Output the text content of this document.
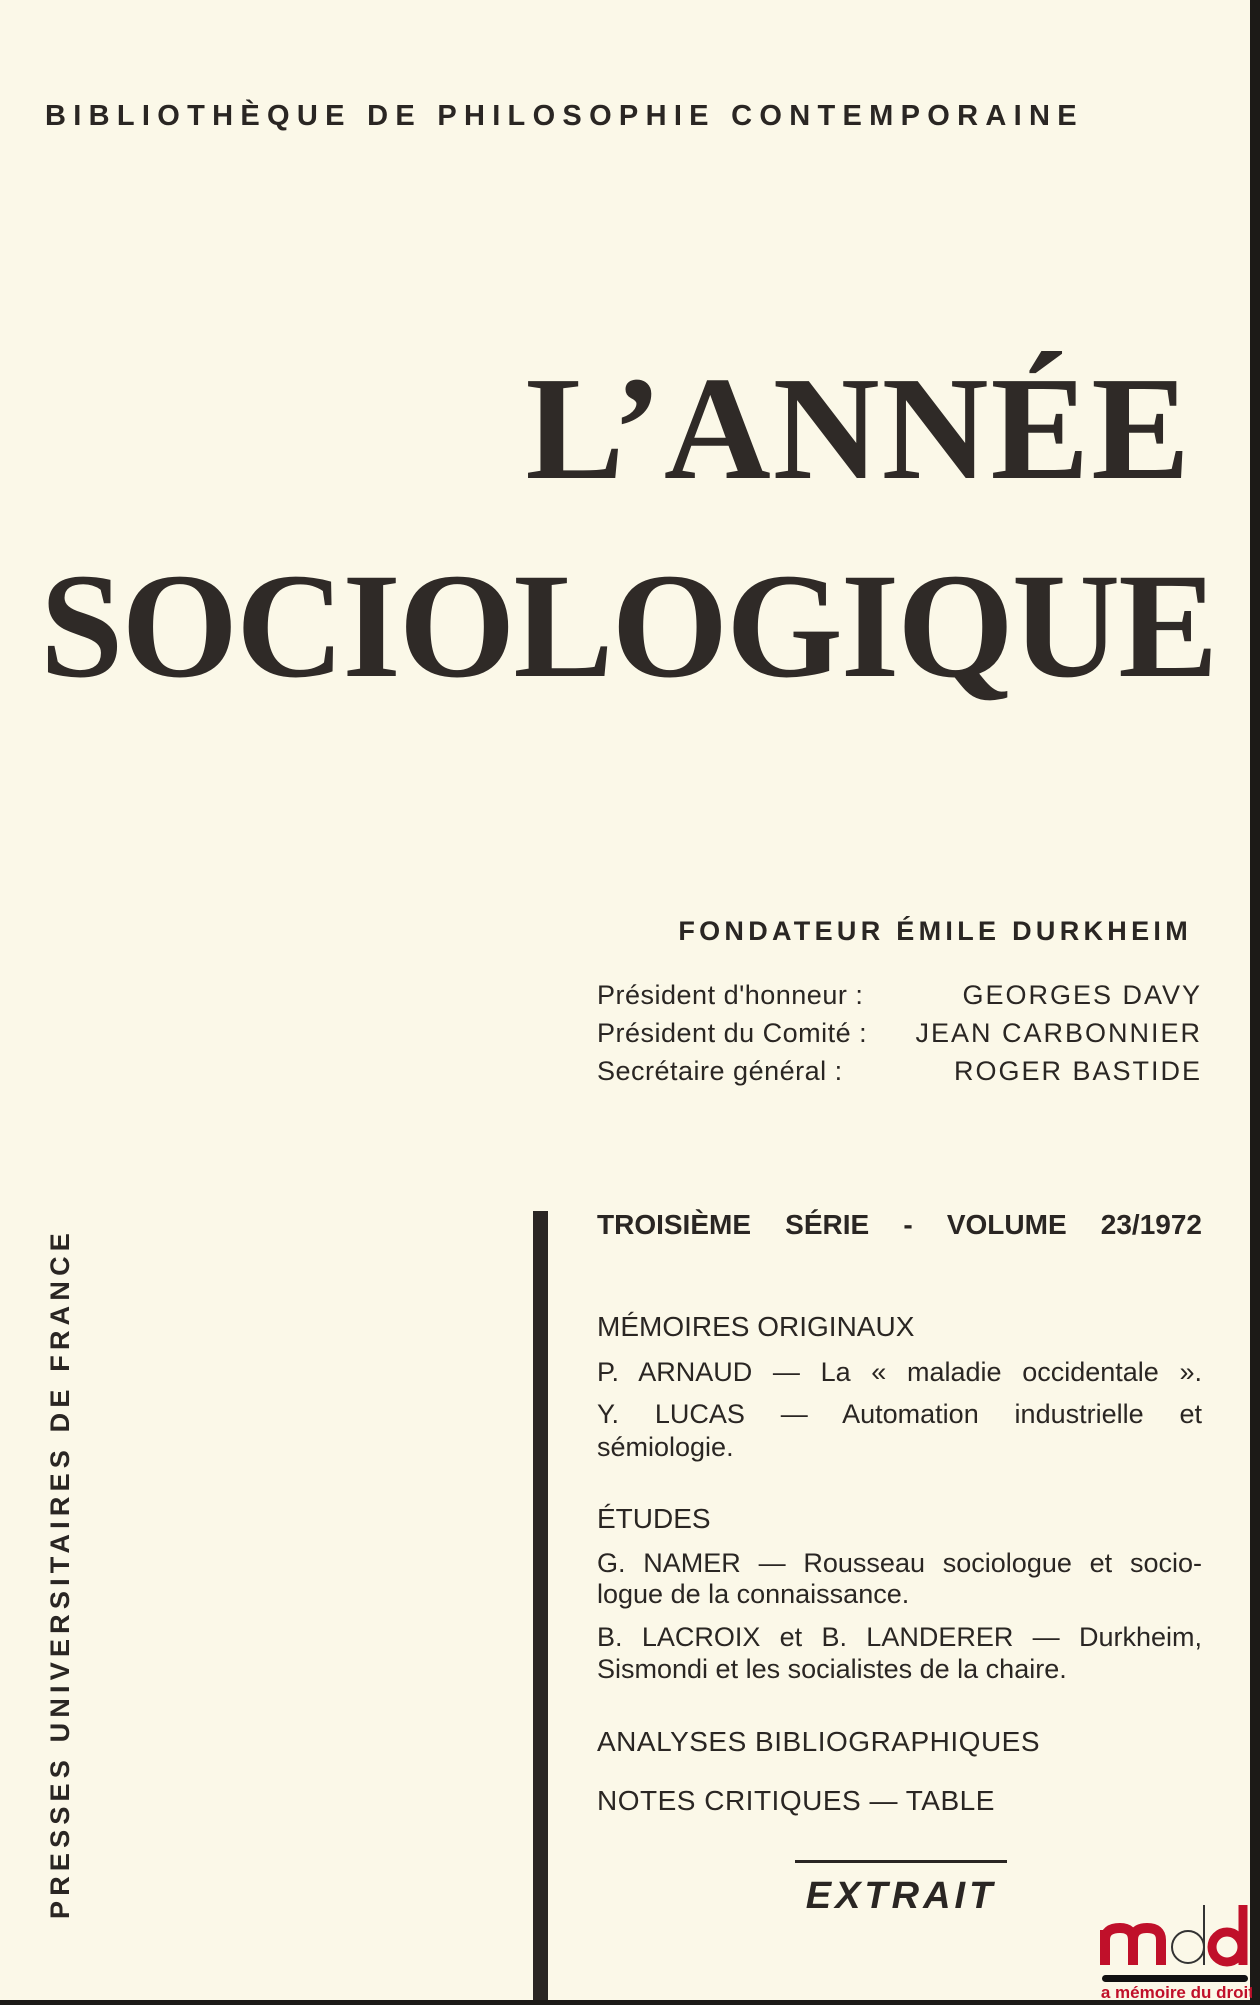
BIBLIOTHÈQUE DE PHILOSOPHIE CONTEMPORAINE
L’ANNÉE
SOCIOLOGIQUE
FONDATEUR ÉMILE DURKHEIM
Président d'honneur :	GEORGES DAVY
Président du Comité : JEAN CARBONNIER
Secrétaire général :	ROGER BASTIDE
PRESSES UNIVERSITAIRES DE FRANCE
TROISIÈME SÉRIE - VOLUME 23/1972
MÉMOIRES ORIGINAUX
P. ARNAUD — La « maladie occidentale ».
Y. LUCAS — Automation industrielle et
sémiologie.
ÉTUDES
G. NAMER — Rousseau sociologue et socio-
logue de la connaissance.
B. LACROIX et B. LANDERER — Durkheim,
Sismondi et les socialistes de la chaire.
ANALYSES BIBLIOGRAPHIQUES
NOTES CRITIQUES — TABLE
EXTRAIT
la mémoire du droit
